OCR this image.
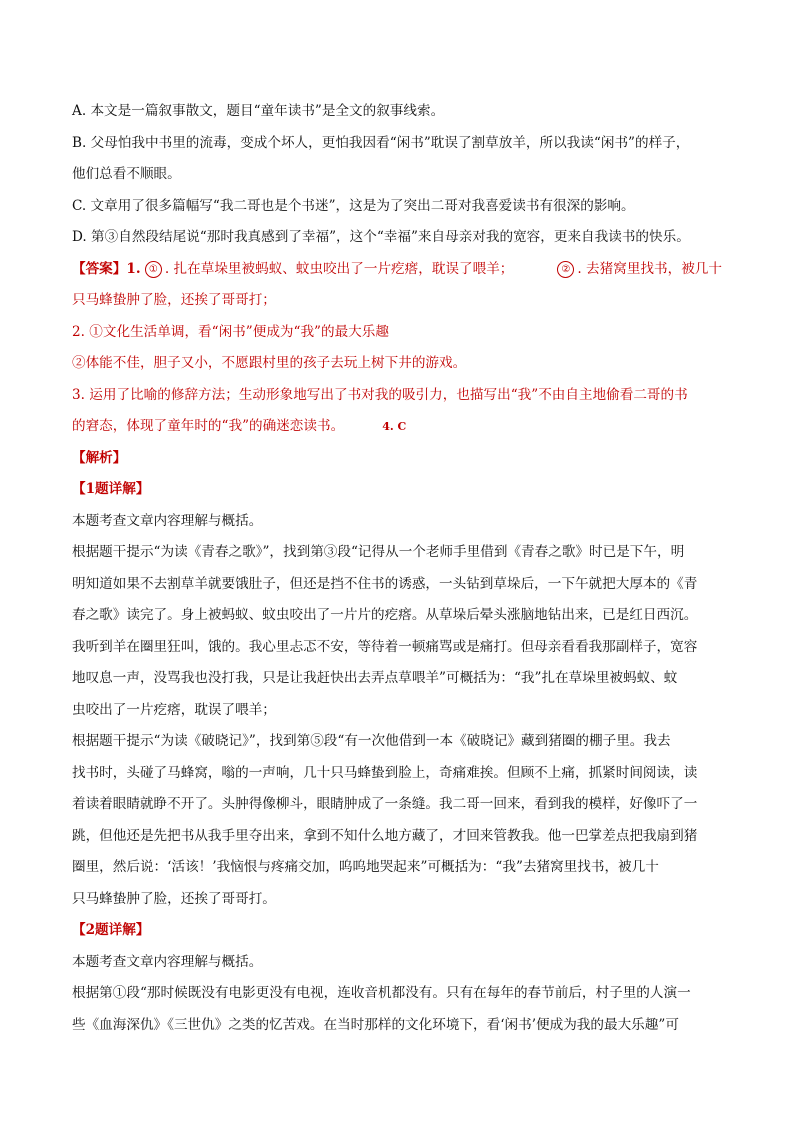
A. 本文是一篇叙事散文，题目“童年读书”是全文的叙事线索。

B. 父母怕我中书里的流毒，变成个坏人，更怕我因看“闲书”耽误了割草放羊，所以我读“闲书”的样子，

他们总看不顺眼。

C. 文章用了很多篇幅写“我二哥也是个书迷”，这是为了突出二哥对我喜爱读书有很深的影响。

D. 第③自然段结尾说“那时我真感到了幸福”，这个“幸福”来自母亲对我的宽容，更来自我读书的快乐。

【答案】1. ① . 扎在草垛里被蚂蚁、蚊虫咬出了一片疙瘩，耽误了喂羊；	② . 去猪窝里找书，被几十

只马蜂蛰肿了脸，还挨了哥哥打；

2. ①文化生活单调，看“闲书”便成为“我”的最大乐趣

②体能不佳，胆子又小，不愿跟村里的孩子去玩上树下井的游戏。

3. 运用了比喻的修辞方法；生动形象地写出了书对我的吸引力，也描写出“我”不由自主地偷看二哥的书

的窘态，体现了童年时的“我”的确迷恋读书。	4. C

【解析】

【1题详解】

本题考查文章内容理解与概括。

根据题干提示“为读《青春之歌》”，找到第③段“记得从一个老师手里借到《青春之歌》时已是下午，明

明知道如果不去割草羊就要饿肚子，但还是挡不住书的诱惑，一头钻到草垛后，一下午就把大厚本的《青

春之歌》读完了。身上被蚂蚁、蚊虫咬出了一片片的疙瘩。从草垛后晕头涨脑地钻出来，已是红日西沉。

我听到羊在圈里狂叫，饿的。我心里忐忑不安，等待着一顿痛骂或是痛打。但母亲看看我那副样子，宽容

地叹息一声，没骂我也没打我，只是让我赶快出去弄点草喂羊”可概括为：“我”扎在草垛里被蚂蚁、蚊

虫咬出了一片疙瘩，耽误了喂羊；

根据题干提示“为读《破晓记》”，找到第⑤段“有一次他借到一本《破晓记》藏到猪圈的棚子里。我去

找书时，头碰了马蜂窝，嗡的一声响，几十只马蜂蛰到脸上，奇痛难挨。但顾不上痛，抓紧时间阅读，读

着读着眼睛就睁不开了。头肿得像柳斗，眼睛肿成了一条缝。我二哥一回来，看到我的模样，好像吓了一

跳，但他还是先把书从我手里夺出来，拿到不知什么地方藏了，才回来管教我。他一巴掌差点把我扇到猪

圈里，然后说：‘活该！’我恼恨与疼痛交加，呜呜地哭起来”可概括为：“我”去猪窝里找书，被几十

只马蜂蛰肿了脸，还挨了哥哥打。

【2题详解】

本题考查文章内容理解与概括。

根据第①段“那时候既没有电影更没有电视，连收音机都没有。只有在每年的春节前后，村子里的人演一

些《血海深仇》《三世仇》之类的忆苦戏。在当时那样的文化环境下，看‘闲书’便成为我的最大乐趣”可
